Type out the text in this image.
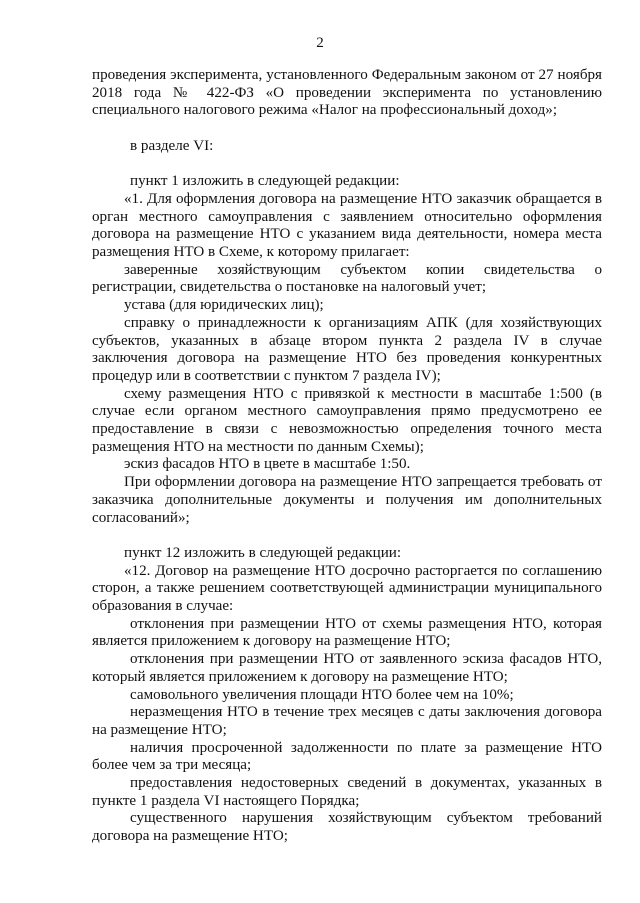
2

проведения эксперимента, установленного Федеральным законом от 27 ноября 2018 года № 422-ФЗ «О проведении эксперимента по установлению специального налогового режима «Налог на профессиональный доход»;

в разделе VI:

пункт 1 изложить в следующей редакции:

«1. Для оформления договора на размещение НТО заказчик обращается в орган местного самоуправления с заявлением относительно оформления договора на размещение НТО с указанием вида деятельности, номера места размещения НТО в Схеме, к которому прилагает:

заверенные хозяйствующим субъектом копии свидетельства о регистрации, свидетельства о постановке на налоговый учет;

устава (для юридических лиц);

справку о принадлежности к организациям АПК (для хозяйствующих субъектов, указанных в абзаце втором пункта 2 раздела IV в случае заключения договора на размещение НТО без проведения конкурентных процедур или в соответствии с пунктом 7 раздела IV);

схему размещения НТО с привязкой к местности в масштабе 1:500 (в случае если органом местного самоуправления прямо предусмотрено ее предоставление в связи с невозможностью определения точного места размещения НТО на местности по данным Схемы);

эскиз фасадов НТО в цвете в масштабе 1:50.

При оформлении договора на размещение НТО запрещается требовать от заказчика дополнительные документы и получения им дополнительных согласований»;

пункт 12 изложить в следующей редакции:

«12. Договор на размещение НТО досрочно расторгается по соглашению сторон, а также решением соответствующей администрации муниципального образования в случае:

отклонения при размещении НТО от схемы размещения НТО, которая является приложением к договору на размещение НТО;

отклонения при размещении НТО от заявленного эскиза фасадов НТО, который является приложением к договору на размещение НТО;

самовольного увеличения площади НТО более чем на 10%;

неразмещения НТО в течение трех месяцев с даты заключения договора на размещение НТО;

наличия просроченной задолженности по плате за размещение НТО более чем за три месяца;

предоставления недостоверных сведений в документах, указанных в пункте 1 раздела VI настоящего Порядка;

существенного нарушения хозяйствующим субъектом требований договора на размещение НТО;
